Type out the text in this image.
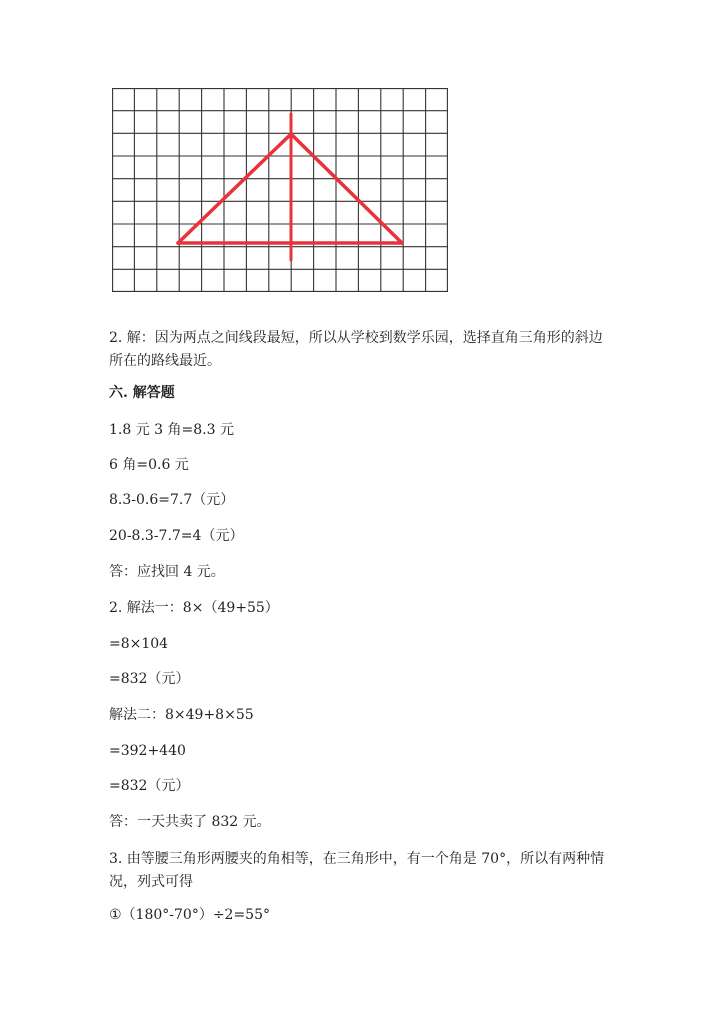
2. 解：因为两点之间线段最短，所以从学校到数学乐园，选择直角三角形的斜边所在的路线最近。
六. 解答题
1.8 元 3 角=8.3 元
6 角=0.6 元
8.3-0.6=7.7（元）
20-8.3-7.7=4（元）
答：应找回 4 元。
2. 解法一：8×（49+55）
=8×104
=832（元）
解法二：8×49+8×55
=392+440
=832（元）
答：一天共卖了 832 元。
3. 由等腰三角形两腰夹的角相等，在三角形中，有一个角是 70°，所以有两种情况，列式可得
①（180°-70°）÷2=55°
